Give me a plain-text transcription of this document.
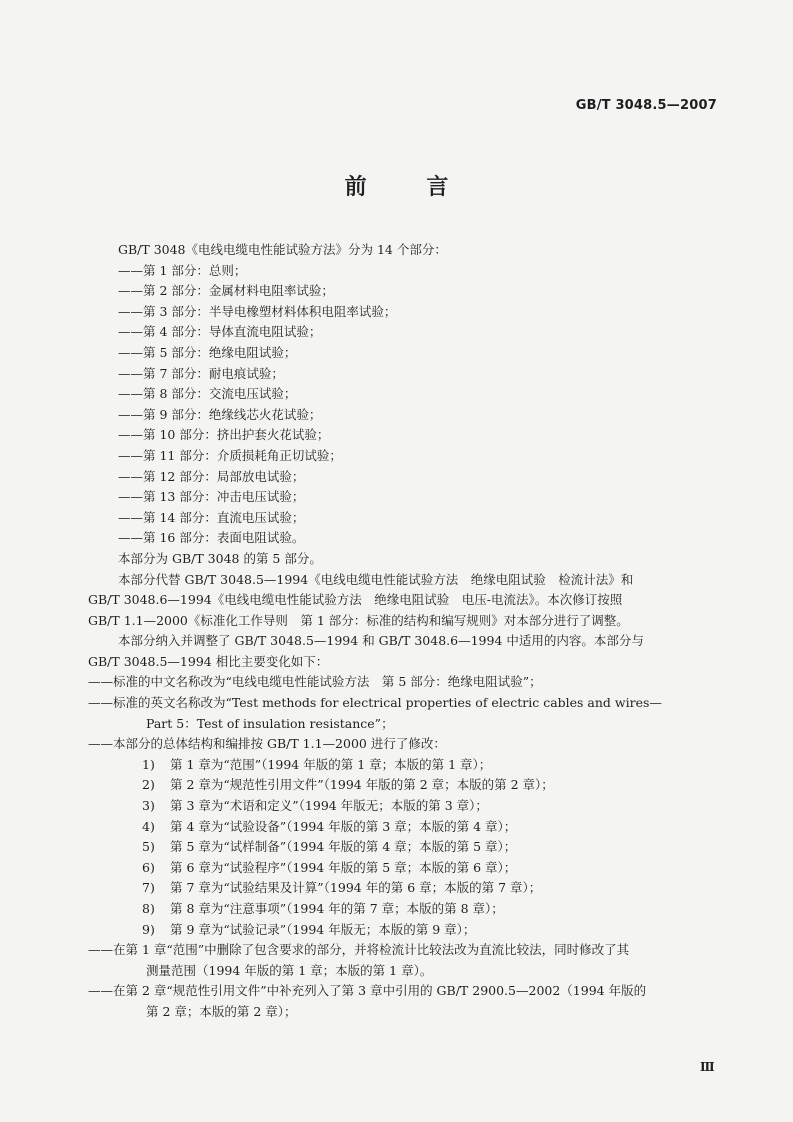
GB/T 3048.5—2007
前 言

GB/T 3048《电线电缆电性能试验方法》分为 14 个部分：

——第 1 部分：总则；

——第 2 部分：金属材料电阻率试验；

——第 3 部分：半导电橡塑材料体积电阻率试验；

——第 4 部分：导体直流电阻试验；

——第 5 部分：绝缘电阻试验；

——第 7 部分：耐电痕试验；

——第 8 部分：交流电压试验；

——第 9 部分：绝缘线芯火花试验；

——第 10 部分：挤出护套火花试验；

——第 11 部分：介质损耗角正切试验；

——第 12 部分：局部放电试验；

——第 13 部分：冲击电压试验；

——第 14 部分：直流电压试验；

——第 16 部分：表面电阻试验。

本部分为 GB/T 3048 的第 5 部分。

本部分代替 GB/T 3048.5—1994《电线电缆电性能试验方法　绝缘电阻试验　检流计法》和

GB/T 3048.6—1994《电线电缆电性能试验方法　绝缘电阻试验　电压-电流法》。本次修订按照

GB/T 1.1—2000《标准化工作导则　第 1 部分：标准的结构和编写规则》对本部分进行了调整。

本部分纳入并调整了 GB/T 3048.5—1994 和 GB/T 3048.6—1994 中适用的内容。本部分与

GB/T 3048.5—1994 相比主要变化如下：

——标准的中文名称改为“电线电缆电性能试验方法　第 5 部分：绝缘电阻试验”；

——标准的英文名称改为“Test methods for electrical properties of electric cables and wires—

Part 5：Test of insulation resistance”；

——本部分的总体结构和编排按 GB/T 1.1—2000 进行了修改：

1) 第 1 章为“范围”（1994 年版的第 1 章；本版的第 1 章）；

2) 第 2 章为“规范性引用文件”（1994 年版的第 2 章；本版的第 2 章）；

3) 第 3 章为“术语和定义”（1994 年版无；本版的第 3 章）；

4) 第 4 章为“试验设备”（1994 年版的第 3 章；本版的第 4 章）；

5) 第 5 章为“试样制备”（1994 年版的第 4 章；本版的第 5 章）；

6) 第 6 章为“试验程序”（1994 年版的第 5 章；本版的第 6 章）；

7) 第 7 章为“试验结果及计算”（1994 年的第 6 章；本版的第 7 章）；

8) 第 8 章为“注意事项”（1994 年的第 7 章；本版的第 8 章）；

9) 第 9 章为“试验记录”（1994 年版无；本版的第 9 章）；

——在第 1 章“范围”中删除了包含要求的部分，并将检流计比较法改为直流比较法，同时修改了其

测量范围（1994 年版的第 1 章；本版的第 1 章）。

——在第 2 章“规范性引用文件”中补充列入了第 3 章中引用的 GB/T 2900.5—2002（1994 年版的

第 2 章；本版的第 2 章）；

Ⅲ
